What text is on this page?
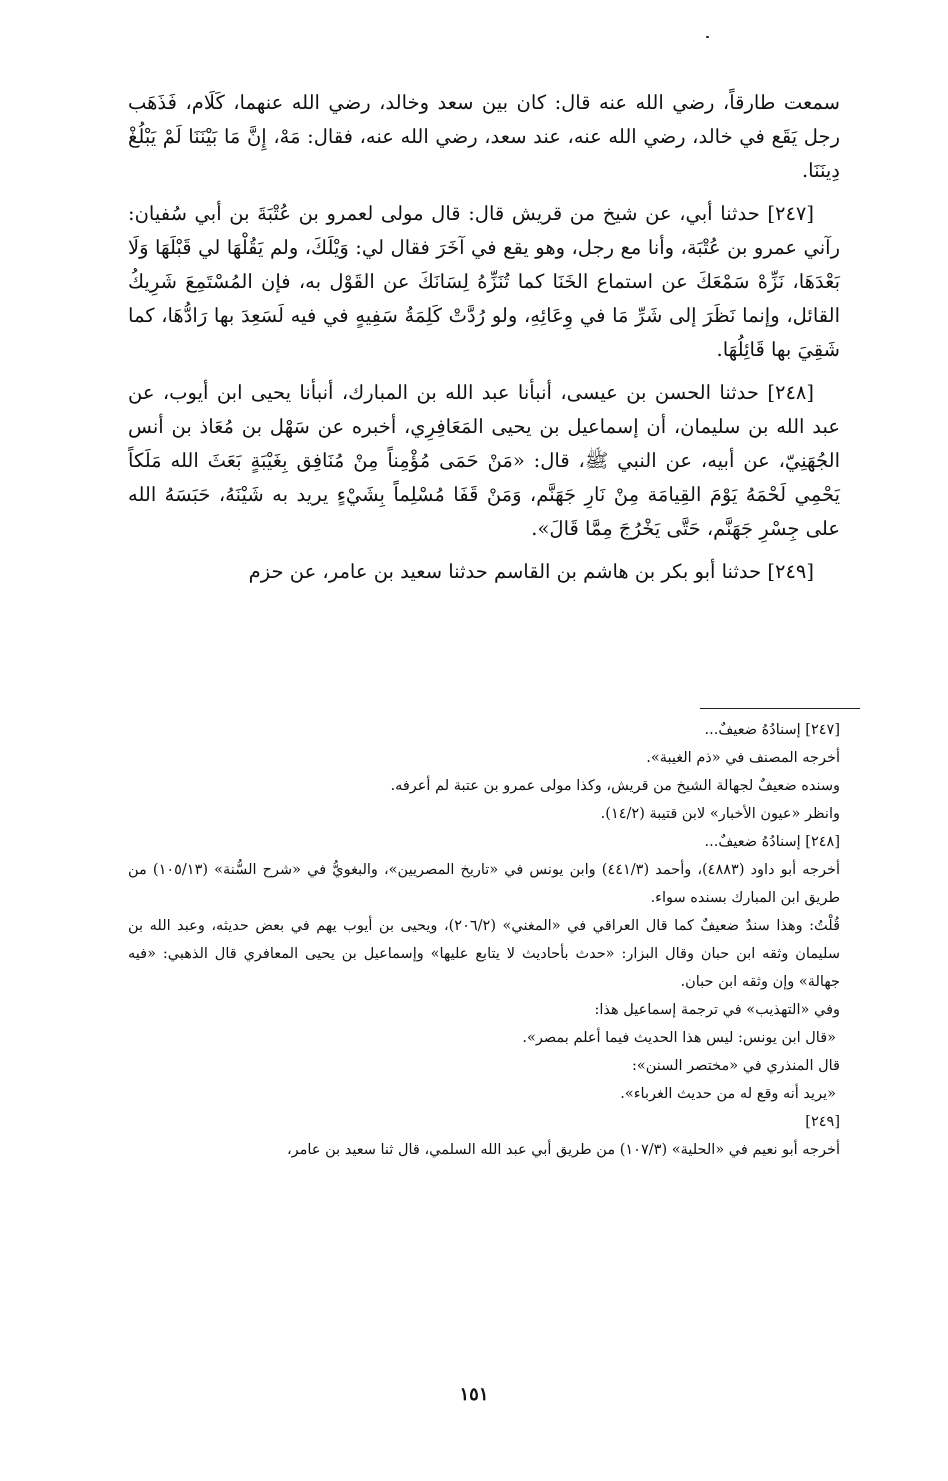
سمعت طارقاً، رضي الله عنه قال: كان بين سعد وخالد، رضي الله عنهما، كَلَام، فَذَهَب رجل يَقَع في خالد، رضي الله عنه، عند سعد، رضي الله عنه، فقال: مَهْ، إِنَّ مَا بَيْنَنَا لَمْ يَبْلُغْ دِينَنَا.

[٢٤٧] حدثنا أبي، عن شيخ من قريش قال: قال مولى لعمرو بن عُتْبَةَ بن أبي سُفيان: رآني عمرو بن عُتْبَة، وأنا مع رجل، وهو يقع في آخَرَ فقال لي: وَيْلَكَ، ولم يَقُلْهَا لي قَبْلَهَا وَلَا بَعْدَهَا، نَزِّهْ سَمْعَكَ عن استماع الخَنَا كما تُنَزِّهُ لِسَانَكَ عن القَوْل به، فإن المُسْتَمِعَ شَرِيكُ القائل، وإنما نَظَرَ إلى شَرِّ مَا في وِعَائِهِ، ولو رُدَّتْ كَلِمَةُ سَفِيهٍ في فيه لَسَعِدَ بها رَادُّهَا، كما شَقِيَ بها قَائِلُهَا.

[٢٤٨] حدثنا الحسن بن عيسى، أنبأنا عبد الله بن المبارك، أنبأنا يحيى ابن أيوب، عن عبد الله بن سليمان، أن إسماعيل بن يحيى المَعَافِرِي، أخبره عن سَهْل بن مُعَاذ بن أنس الجُهَنِيّ، عن أبيه، عن النبي ﷺ، قال: «مَنْ حَمَى مُؤْمِناً مِنْ مُنَافِق بِغَيْبَةٍ بَعَثَ الله مَلَكاً يَحْمِي لَحْمَهُ يَوْمَ القِيامَة مِنْ نَارِ جَهَنَّم، وَمَنْ قَفَا مُسْلِماً بِشَيْءٍ يريد به شَيْنَهُ، حَبَسَهُ الله على جِسْرِ جَهَنَّم، حَتَّى يَخْرُجَ مِمَّا قَالَ».

[٢٤٩] حدثنا أبو بكر بن هاشم بن القاسم حدثنا سعيد بن عامر، عن حزم

[٢٤٧] إسنادُهُ ضعيفٌ...

أخرجه المصنف في «ذم الغيبة».

وسنده ضعيفٌ لجهالة الشيخ من قريش، وكذا مولى عمرو بن عتبة لم أعرفه.

وانظر «عيون الأخبار» لابن قتيبة (١٤/٢).

[٢٤٨] إسنادُهُ ضعيفٌ...

أخرجه أبو داود (٤٨٨٣)، وأحمد (٤٤١/٣) وابن يونس في «تاريخ المصريين»، والبغويُّ في «شرح السُّنة» (١٠٥/١٣) من طريق ابن المبارك بسنده سواء.

قُلْتُ: وهذا سندٌ ضعيفٌ كما قال العراقي في «المغني» (٢٠٦/٢)، ويحيى بن أيوب يهم في بعض حديثه، وعبد الله بن سليمان وثقه ابن حبان وقال البزار: «حدث بأحاديث لا يتابع عليها» وإسماعيل بن يحيى المعافري قال الذهبي: «فيه جهالة» وإن وثقه ابن حبان.

وفي «التهذيب» في ترجمة إسماعيل هذا:

«قال ابن يونس: ليس هذا الحديث فيما أعلم بمصر».

قال المنذري في «مختصر السنن»:

«يريد أنه وقع له من حديث الغرباء».

[٢٤٩]

أخرجه أبو نعيم في «الحلية» (١٠٧/٣) من طريق أبي عبد الله السلمي، قال ثنا سعيد بن عامر،

١٥١
